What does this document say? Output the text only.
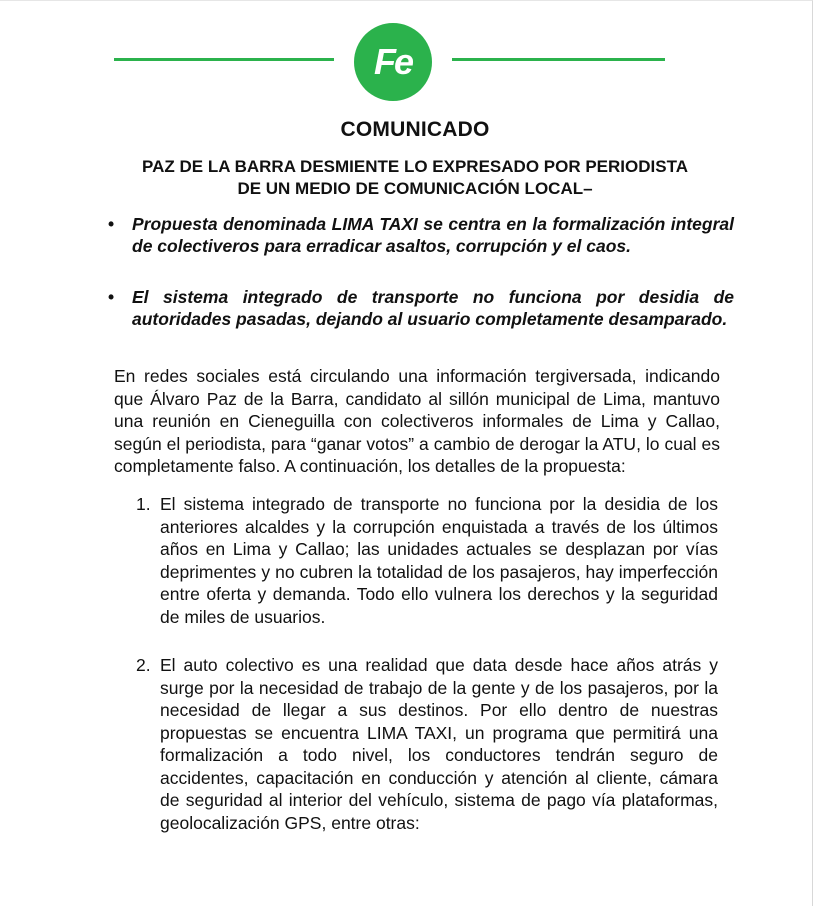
Fe
COMUNICADO
PAZ DE LA BARRA DESMIENTE LO EXPRESADO POR PERIODISTA
DE UN MEDIO DE COMUNICACIÓN LOCAL–
• Propuesta denominada LIMA TAXI se centra en la formalización integral de colectiveros para erradicar asaltos, corrupción y el caos.
• El sistema integrado de transporte no funciona por desidia de autoridades pasadas, dejando al usuario completamente desamparado.
En redes sociales está circulando una información tergiversada, indicando que Álvaro Paz de la Barra, candidato al sillón municipal de Lima, mantuvo una reunión en Cieneguilla con colectiveros informales de Lima y Callao, según el periodista, para “ganar votos” a cambio de derogar la ATU, lo cual es completamente falso. A continuación, los detalles de la propuesta:
1. El sistema integrado de transporte no funciona por la desidia de los anteriores alcaldes y la corrupción enquistada a través de los últimos años en Lima y Callao; las unidades actuales se desplazan por vías deprimentes y no cubren la totalidad de los pasajeros, hay imperfección entre oferta y demanda. Todo ello vulnera los derechos y la seguridad de miles de usuarios.
2. El auto colectivo es una realidad que data desde hace años atrás y surge por la necesidad de trabajo de la gente y de los pasajeros, por la necesidad de llegar a sus destinos. Por ello dentro de nuestras propuestas se encuentra LIMA TAXI, un programa que permitirá una formalización a todo nivel, los conductores tendrán seguro de accidentes, capacitación en conducción y atención al cliente, cámara de seguridad al interior del vehículo, sistema de pago vía plataformas, geolocalización GPS, entre otras:
